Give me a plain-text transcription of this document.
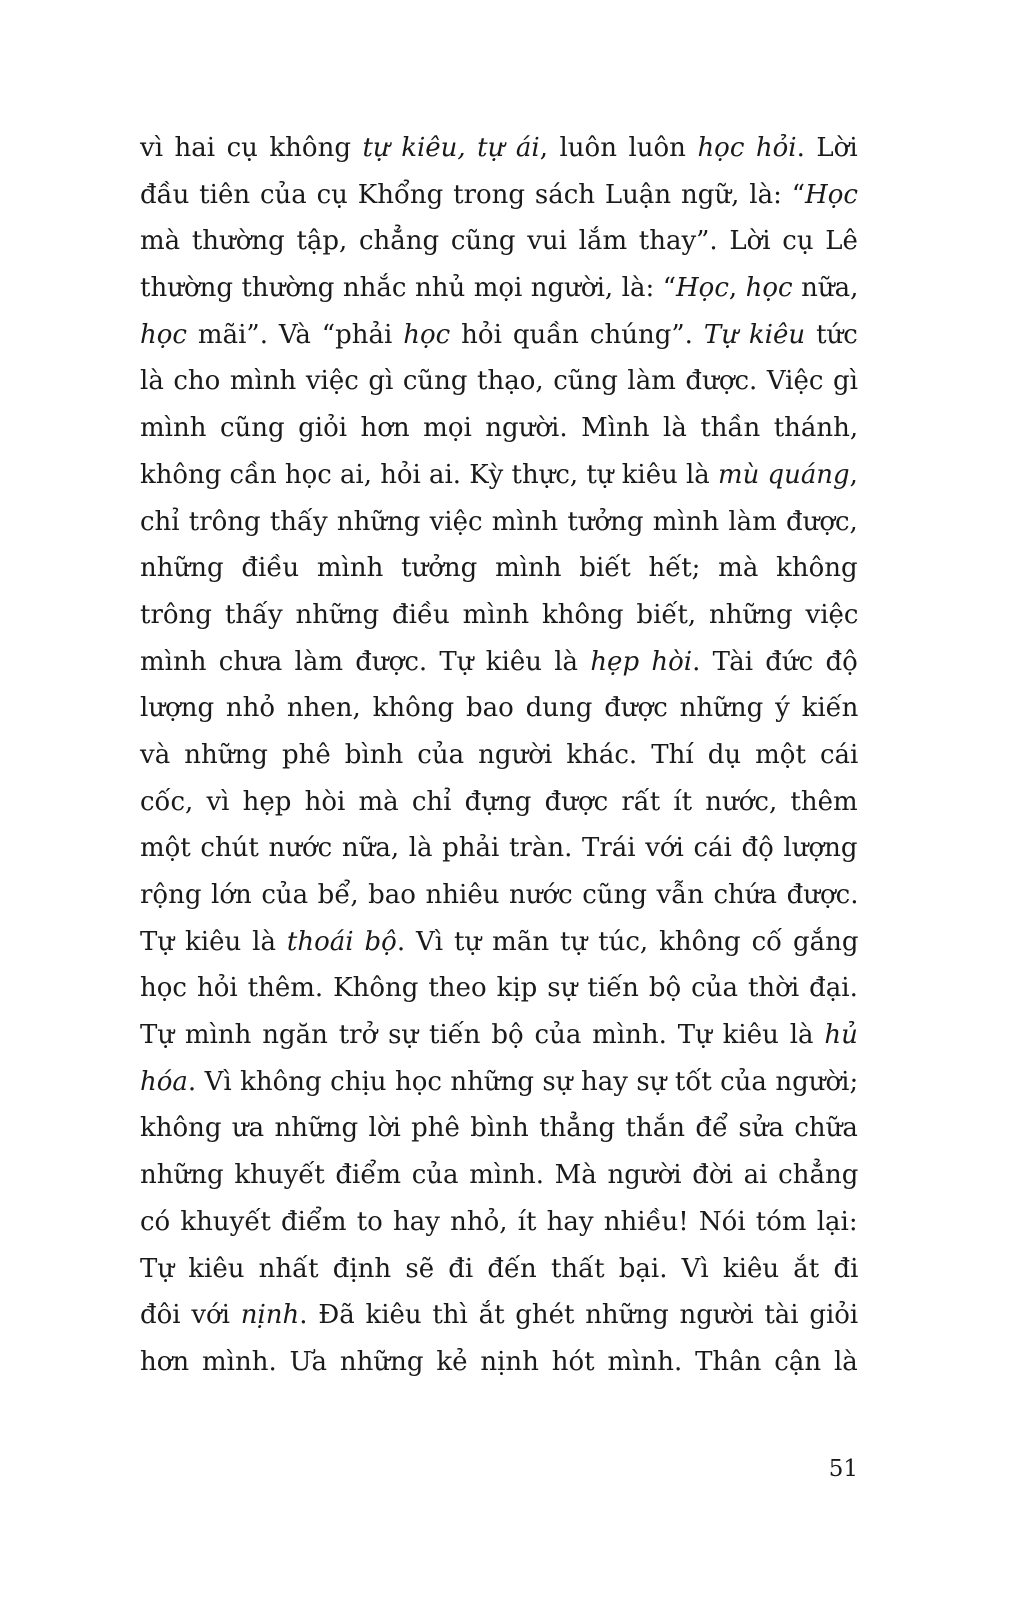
vì hai cụ không tự kiêu, tự ái, luôn luôn học hỏi. Lời
đầu tiên của cụ Khổng trong sách Luận ngữ, là: “Học
mà thường tập, chẳng cũng vui lắm thay”. Lời cụ Lê
thường thường nhắc nhủ mọi người, là: “Học, học nữa,
học mãi”. Và “phải học hỏi quần chúng”. Tự kiêu tức
là cho mình việc gì cũng thạo, cũng làm được. Việc gì
mình cũng giỏi hơn mọi người. Mình là thần thánh,
không cần học ai, hỏi ai. Kỳ thực, tự kiêu là mù quáng,
chỉ trông thấy những việc mình tưởng mình làm được,
những điều mình tưởng mình biết hết; mà không
trông thấy những điều mình không biết, những việc
mình chưa làm được. Tự kiêu là hẹp hòi. Tài đức độ
lượng nhỏ nhen, không bao dung được những ý kiến
và những phê bình của người khác. Thí dụ một cái
cốc, vì hẹp hòi mà chỉ đựng được rất ít nước, thêm
một chút nước nữa, là phải tràn. Trái với cái độ lượng
rộng lớn của bể, bao nhiêu nước cũng vẫn chứa được.
Tự kiêu là thoái bộ. Vì tự mãn tự túc, không cố gắng
học hỏi thêm. Không theo kịp sự tiến bộ của thời đại.
Tự mình ngăn trở sự tiến bộ của mình. Tự kiêu là hủ
hóa. Vì không chịu học những sự hay sự tốt của người;
không ưa những lời phê bình thẳng thắn để sửa chữa
những khuyết điểm của mình. Mà người đời ai chẳng
có khuyết điểm to hay nhỏ, ít hay nhiều! Nói tóm lại:
Tự kiêu nhất định sẽ đi đến thất bại. Vì kiêu ắt đi
đôi với nịnh. Đã kiêu thì ắt ghét những người tài giỏi
hơn mình. Ưa những kẻ nịnh hót mình. Thân cận là
51
